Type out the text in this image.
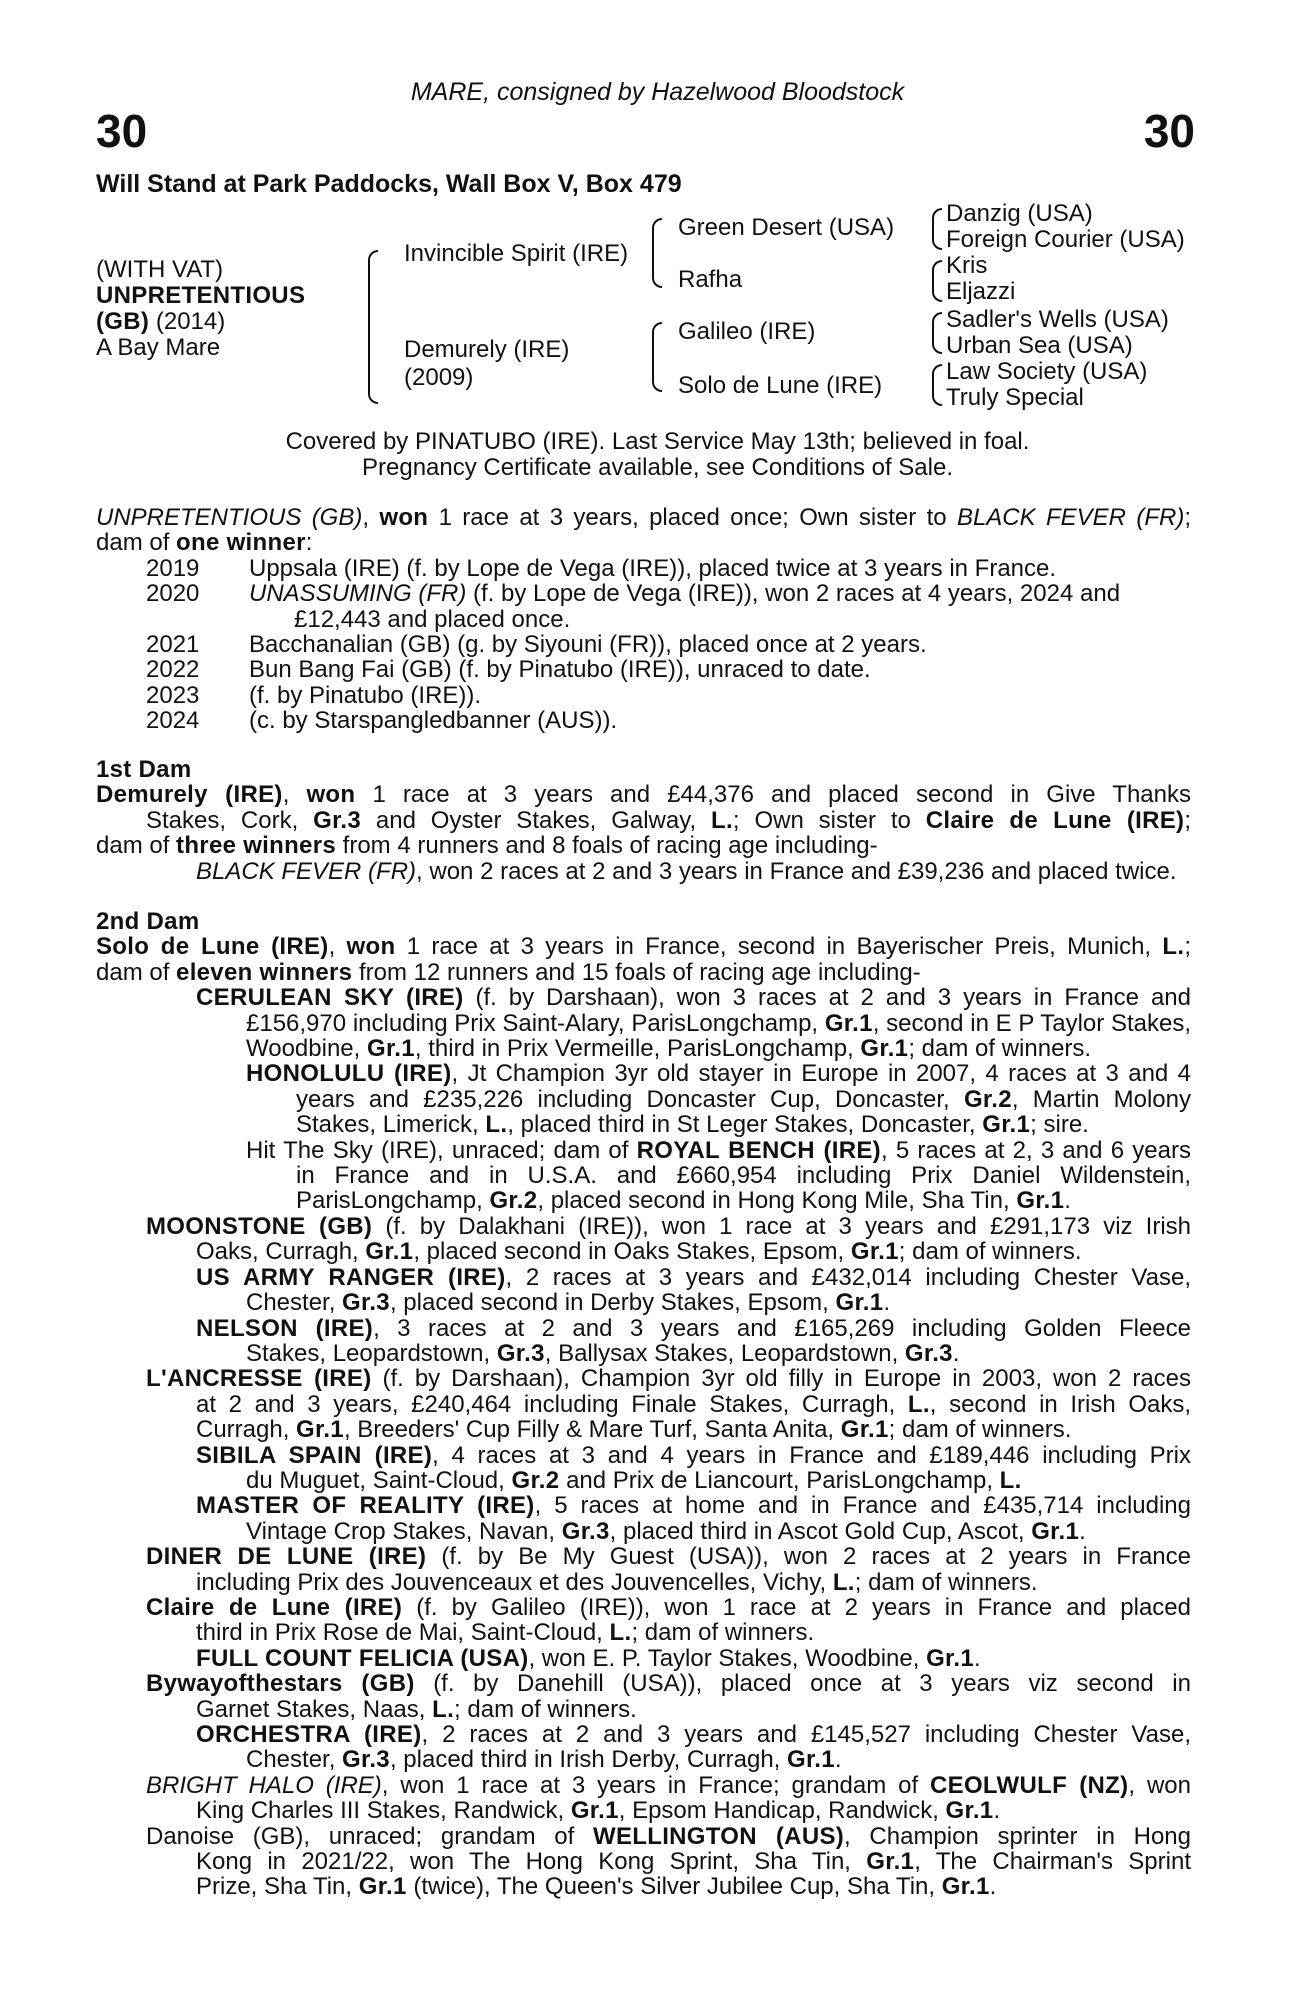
30	30
MARE, consigned by Hazelwood Bloodstock
Will Stand at Park Paddocks, Wall Box V, Box 479
(WITH VAT)
UNPRETENTIOUS
(GB) (2014)
A Bay Mare
Invincible Spirit (IRE)
Demurely (IRE)
(2009)
Green Desert (USA)
Rafha
Galileo (IRE)
Solo de Lune (IRE)
Danzig (USA)
Foreign Courier (USA)
Kris
Eljazzi
Sadler's Wells (USA)
Urban Sea (USA)
Law Society (USA)
Truly Special
Covered by PINATUBO (IRE). Last Service May 13th; believed in foal.
Pregnancy Certificate available, see Conditions of Sale.
UNPRETENTIOUS (GB), won 1 race at 3 years, placed once; Own sister to BLACK FEVER (FR);
dam of one winner:
2019 Uppsala (IRE) (f. by Lope de Vega (IRE)), placed twice at 3 years in France.
2020 UNASSUMING (FR) (f. by Lope de Vega (IRE)), won 2 races at 4 years, 2024 and
£12,443 and placed once.
2021 Bacchanalian (GB) (g. by Siyouni (FR)), placed once at 2 years.
2022 Bun Bang Fai (GB) (f. by Pinatubo (IRE)), unraced to date.
2023 (f. by Pinatubo (IRE)).
2024 (c. by Starspangledbanner (AUS)).
1st Dam
Demurely (IRE), won 1 race at 3 years and £44,376 and placed second in Give Thanks
Stakes, Cork, Gr.3 and Oyster Stakes, Galway, L.; Own sister to Claire de Lune (IRE);
dam of three winners from 4 runners and 8 foals of racing age including-
BLACK FEVER (FR), won 2 races at 2 and 3 years in France and £39,236 and placed twice.
2nd Dam
Solo de Lune (IRE), won 1 race at 3 years in France, second in Bayerischer Preis, Munich, L.;
dam of eleven winners from 12 runners and 15 foals of racing age including-
CERULEAN SKY (IRE) (f. by Darshaan), won 3 races at 2 and 3 years in France and
£156,970 including Prix Saint-Alary, ParisLongchamp, Gr.1, second in E P Taylor Stakes,
Woodbine, Gr.1, third in Prix Vermeille, ParisLongchamp, Gr.1; dam of winners.
HONOLULU (IRE), Jt Champion 3yr old stayer in Europe in 2007, 4 races at 3 and 4
years and £235,226 including Doncaster Cup, Doncaster, Gr.2, Martin Molony
Stakes, Limerick, L., placed third in St Leger Stakes, Doncaster, Gr.1; sire.
Hit The Sky (IRE), unraced; dam of ROYAL BENCH (IRE), 5 races at 2, 3 and 6 years
in France and in U.S.A. and £660,954 including Prix Daniel Wildenstein,
ParisLongchamp, Gr.2, placed second in Hong Kong Mile, Sha Tin, Gr.1.
MOONSTONE (GB) (f. by Dalakhani (IRE)), won 1 race at 3 years and £291,173 viz Irish
Oaks, Curragh, Gr.1, placed second in Oaks Stakes, Epsom, Gr.1; dam of winners.
US ARMY RANGER (IRE), 2 races at 3 years and £432,014 including Chester Vase,
Chester, Gr.3, placed second in Derby Stakes, Epsom, Gr.1.
NELSON (IRE), 3 races at 2 and 3 years and £165,269 including Golden Fleece
Stakes, Leopardstown, Gr.3, Ballysax Stakes, Leopardstown, Gr.3.
L'ANCRESSE (IRE) (f. by Darshaan), Champion 3yr old filly in Europe in 2003, won 2 races
at 2 and 3 years, £240,464 including Finale Stakes, Curragh, L., second in Irish Oaks,
Curragh, Gr.1, Breeders' Cup Filly & Mare Turf, Santa Anita, Gr.1; dam of winners.
SIBILA SPAIN (IRE), 4 races at 3 and 4 years in France and £189,446 including Prix
du Muguet, Saint-Cloud, Gr.2 and Prix de Liancourt, ParisLongchamp, L.
MASTER OF REALITY (IRE), 5 races at home and in France and £435,714 including
Vintage Crop Stakes, Navan, Gr.3, placed third in Ascot Gold Cup, Ascot, Gr.1.
DINER DE LUNE (IRE) (f. by Be My Guest (USA)), won 2 races at 2 years in France
including Prix des Jouvenceaux et des Jouvencelles, Vichy, L.; dam of winners.
Claire de Lune (IRE) (f. by Galileo (IRE)), won 1 race at 2 years in France and placed
third in Prix Rose de Mai, Saint-Cloud, L.; dam of winners.
FULL COUNT FELICIA (USA), won E. P. Taylor Stakes, Woodbine, Gr.1.
Bywayofthestars (GB) (f. by Danehill (USA)), placed once at 3 years viz second in
Garnet Stakes, Naas, L.; dam of winners.
ORCHESTRA (IRE), 2 races at 2 and 3 years and £145,527 including Chester Vase,
Chester, Gr.3, placed third in Irish Derby, Curragh, Gr.1.
BRIGHT HALO (IRE), won 1 race at 3 years in France; grandam of CEOLWULF (NZ), won
King Charles III Stakes, Randwick, Gr.1, Epsom Handicap, Randwick, Gr.1.
Danoise (GB), unraced; grandam of WELLINGTON (AUS), Champion sprinter in Hong
Kong in 2021/22, won The Hong Kong Sprint, Sha Tin, Gr.1, The Chairman's Sprint
Prize, Sha Tin, Gr.1 (twice), The Queen's Silver Jubilee Cup, Sha Tin, Gr.1.
